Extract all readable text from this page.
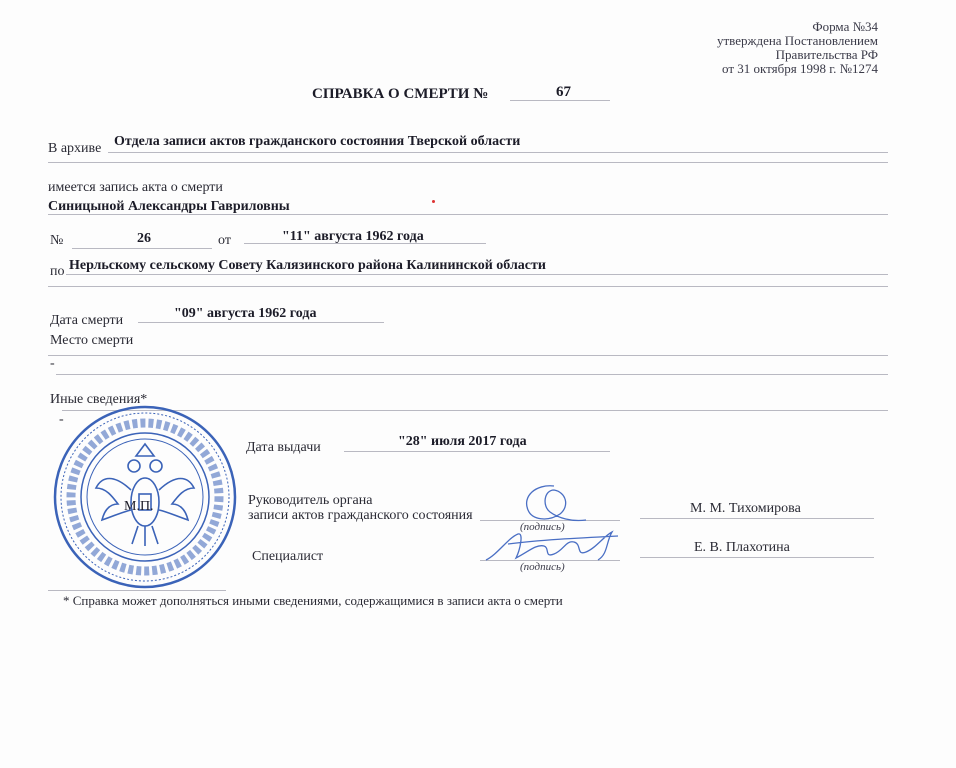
Форма №34
утверждена Постановлением
Правительства РФ
от 31 октября 1998 г. №1274
СПРАВКА О СМЕРТИ №	67
В архиве Отдела записи актов гражданского состояния Тверской области
имеется запись акта о смерти
Синицыной Александры Гавриловны
№	26	от	"11" августа 1962 года
по Нерльскому сельскому Совету Калязинского района Калининской области
Дата смерти	"09" августа 1962 года
Место смерти
-
Иные сведения*
-
Дата выдачи	"28" июля 2017 года
Руководитель органа
записи актов гражданского состояния
(подпись)
М. М. Тихомирова
Специалист
(подпись)
Е. В. Плахотина
М.П.
* Справка может дополняться иными сведениями, содержащимися в записи акта о смерти
